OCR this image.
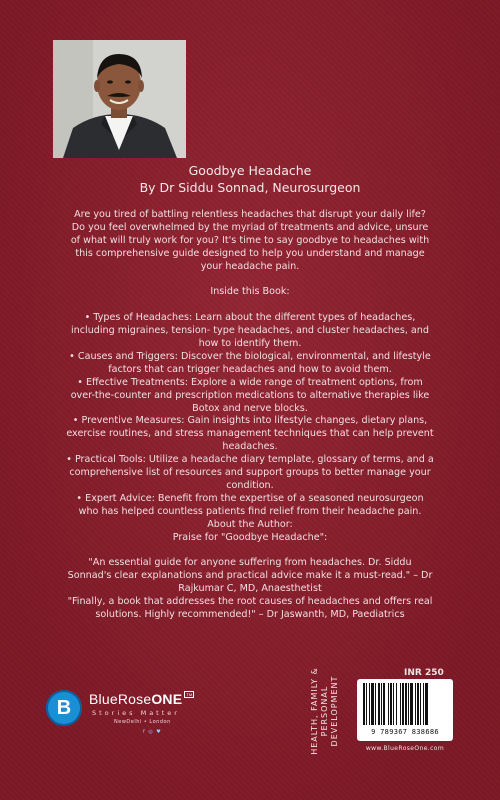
Goodbye Headache
By Dr Siddu Sonnad, Neurosurgeon

Are you tired of battling relentless headaches that disrupt your daily life? Do you feel overwhelmed by the myriad of treatments and advice, unsure of what will truly work for you? It's time to say goodbye to headaches with this comprehensive guide designed to help you understand and manage your headache pain.

Inside this Book:

• Types of Headaches: Learn about the different types of headaches, including migraines, tension- type headaches, and cluster headaches, and how to identify them.

• Causes and Triggers: Discover the biological, environmental, and lifestyle factors that can trigger headaches and how to avoid them.

• Effective Treatments: Explore a wide range of treatment options, from over-the-counter and prescription medications to alternative therapies like Botox and nerve blocks.

• Preventive Measures: Gain insights into lifestyle changes, dietary plans, exercise routines, and stress management techniques that can help prevent headaches.

• Practical Tools: Utilize a headache diary template, glossary of terms, and a comprehensive list of resources and support groups to better manage your condition.

• Expert Advice: Benefit from the expertise of a seasoned neurosurgeon who has helped countless patients find relief from their headache pain.

About the Author:

Praise for "Goodbye Headache":

"An essential guide for anyone suffering from headaches. Dr. Siddu Sonnad's clear explanations and practical advice make it a must-read." – Dr Rajkumar C, MD, Anaesthetist

"Finally, a book that addresses the root causes of headaches and offers real solutions. Highly recommended!" – Dr Jaswanth, MD, Paediatrics

HEALTH, FAMILY & PERSONAL DEVELOPMENT
INR 250
9 789367 838686
www.BlueRoseOne.com
B	BlueRoseONE TM
Stories Matter
NewDelhi • London
f ◎ ♥
